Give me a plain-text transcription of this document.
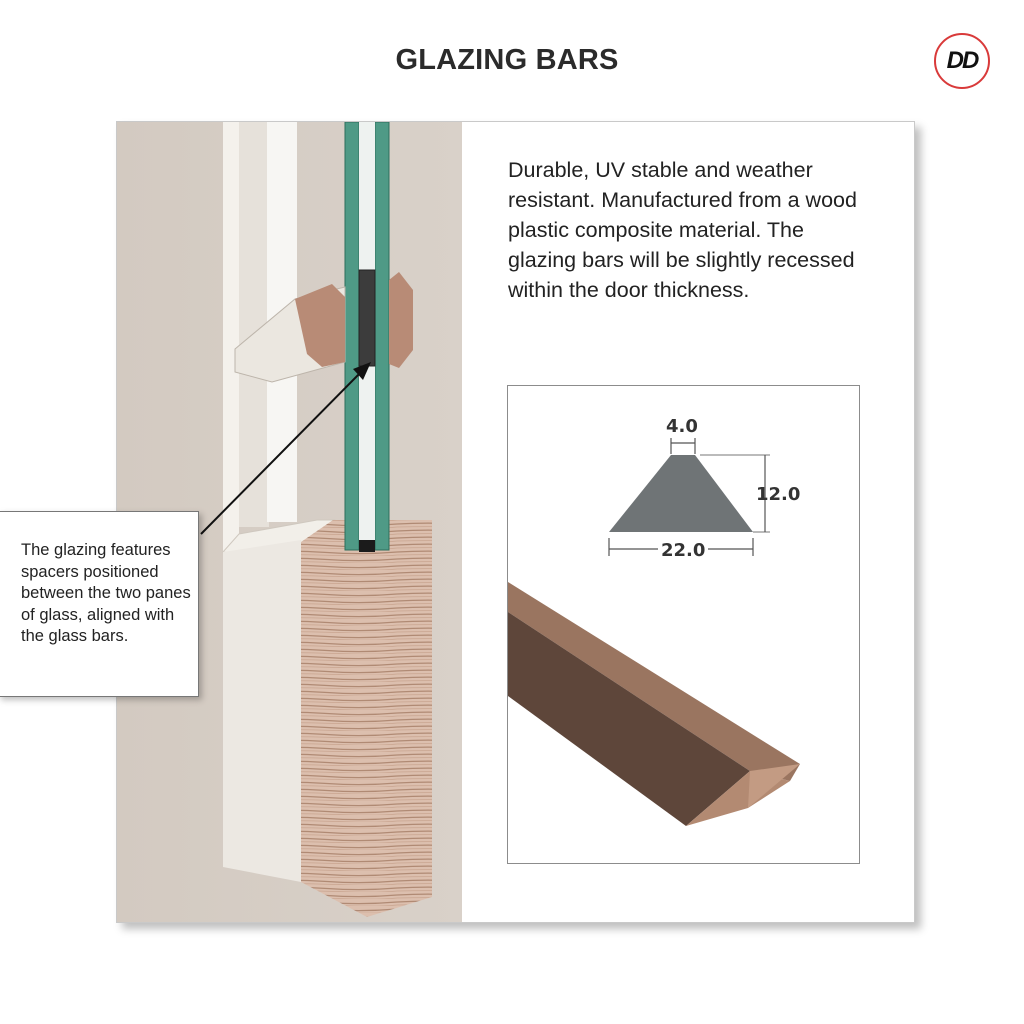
GLAZING BARS	DD

Durable, UV stable and weather resistant. Manufactured from a wood plastic composite material. The glazing bars will be slightly recessed within the door thickness.

4.0
12.0
22.0

The glazing features spacers positioned between the two panes of glass, aligned with the glass bars.
